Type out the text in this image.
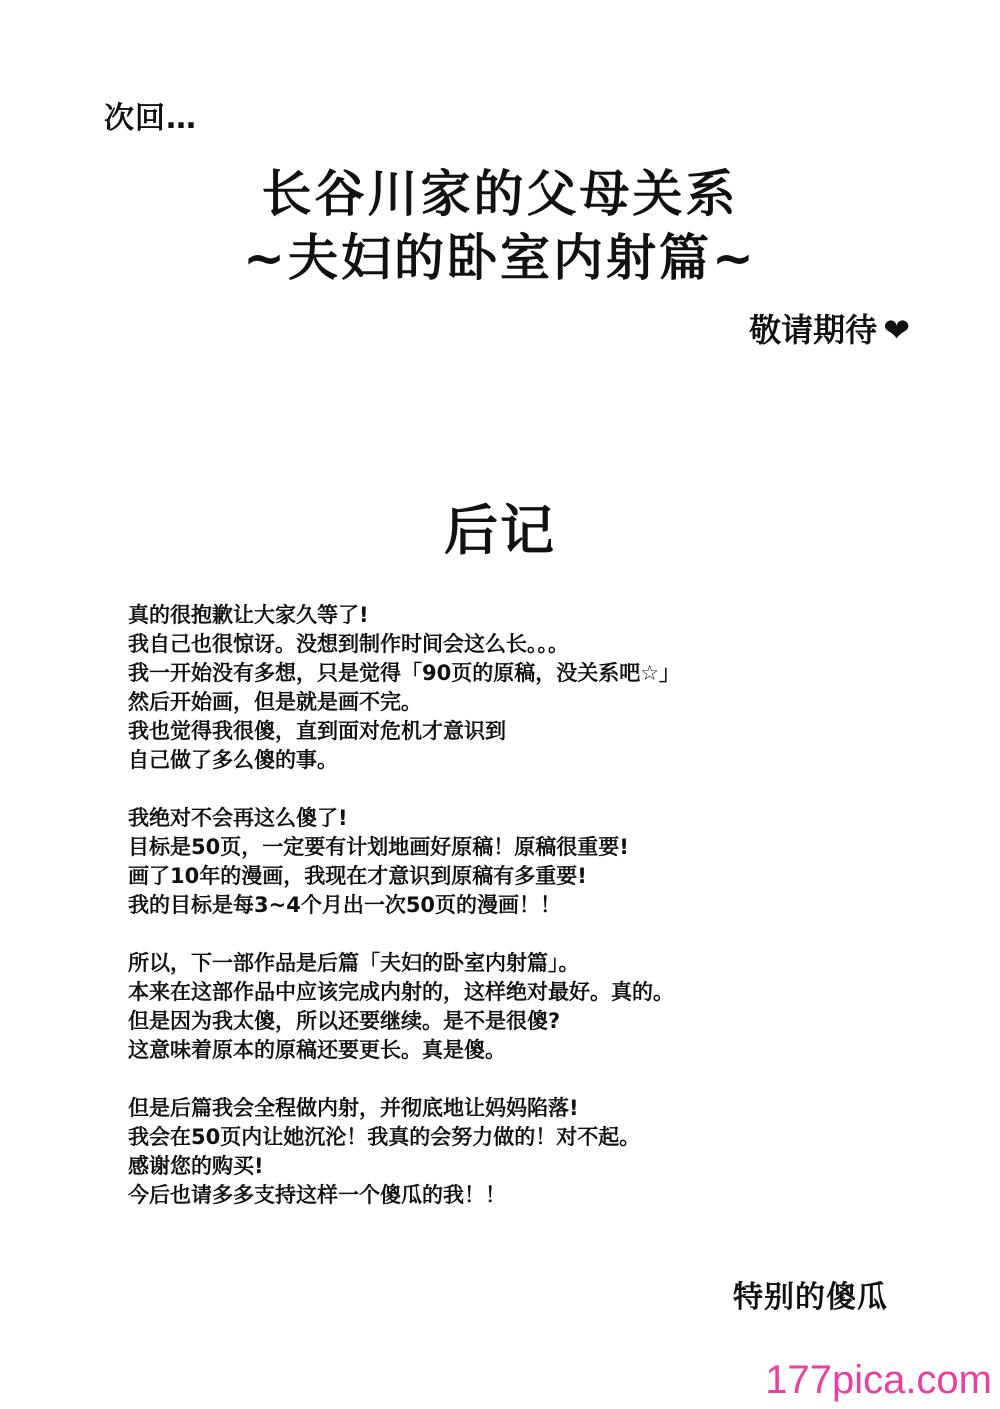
次回…
长谷川家的父母关系
~夫妇的卧室内射篇~
敬请期待 ❤
后记
真的很抱歉让大家久等了!
我自己也很惊讶。没想到制作时间会这么长。。。
我一开始没有多想，只是觉得「90页的原稿，没关系吧☆」
然后开始画，但是就是画不完。
我也觉得我很傻，直到面对危机才意识到
自己做了多么傻的事。
我绝对不会再这么傻了!
目标是50页，一定要有计划地画好原稿！原稿很重要!
画了10年的漫画，我现在才意识到原稿有多重要!
我的目标是每3~4个月出一次50页的漫画！！
所以，下一部作品是后篇「夫妇的卧室内射篇」。
本来在这部作品中应该完成内射的，这样绝对最好。真的。
但是因为我太傻，所以还要继续。是不是很傻?
这意味着原本的原稿还要更长。真是傻。
但是后篇我会全程做内射，并彻底地让妈妈陷落!
我会在50页内让她沉沦！我真的会努力做的！对不起。
感谢您的购买!
今后也请多多支持这样一个傻瓜的我！！
特别的傻瓜
177pica.com
